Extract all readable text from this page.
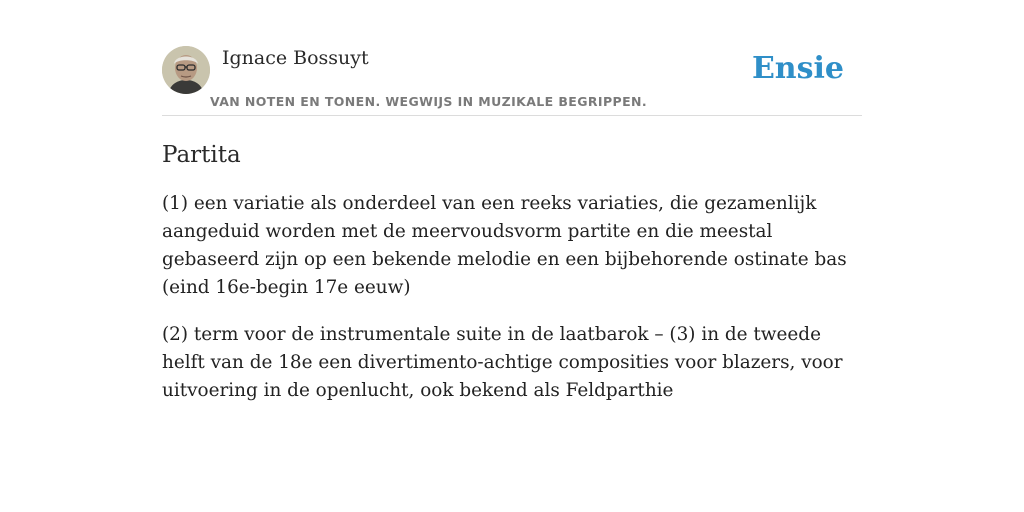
Ignace Bossuyt
VAN NOTEN EN TONEN. WEGWIJS IN MUZIKALE BEGRIPPEN.
Ensie
Partita

(1) een variatie als onderdeel van een reeks variaties, die gezamenlijk aangeduid worden met de meervoudsvorm partite en die meestal gebaseerd zijn op een bekende melodie en een bijbehorende ostinate bas (eind 16e-begin 17e eeuw)

(2) term voor de instrumentale suite in de laatbarok – (3) in de tweede helft van de 18e een divertimento-achtige composities voor blazers, voor uitvoering in de openlucht, ook bekend als Feldparthie
